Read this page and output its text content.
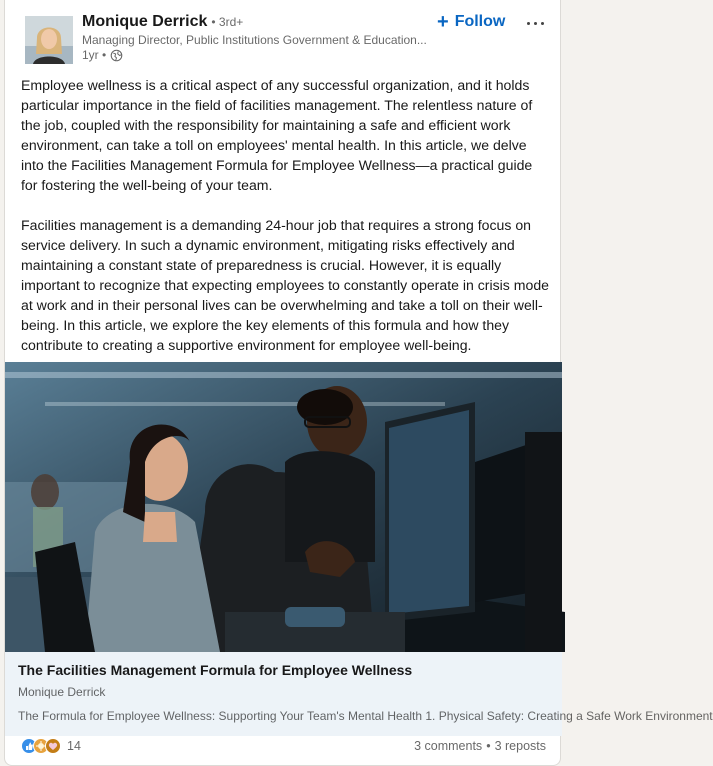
Monique Derrick • 3rd+
Managing Director, Public Institutions Government & Education...
1yr •
+ Follow

Employee wellness is a critical aspect of any successful organization, and it holds particular importance in the field of facilities management. The relentless nature of the job, coupled with the responsibility for maintaining a safe and efficient work environment, can take a toll on employees' mental health. In this article, we delve into the Facilities Management Formula for Employee Wellness—a practical guide for fostering the well-being of your team.

Facilities management is a demanding 24-hour job that requires a strong focus on service delivery. In such a dynamic environment, mitigating risks effectively and maintaining a constant state of preparedness is crucial. However, it is equally important to recognize that expecting employees to constantly operate in crisis mode at work and in their personal lives can be overwhelming and take a toll on their well-being. In this article, we explore the key elements of this formula and how they contribute to creating a supportive environment for employee well-being.

The Facilities Management Formula for Employee Wellness
Monique Derrick
The Formula for Employee Wellness: Supporting Your Team's Mental Health 1. Physical Safety: Creating a Safe Work Environment
14	3 comments • 3 reposts
